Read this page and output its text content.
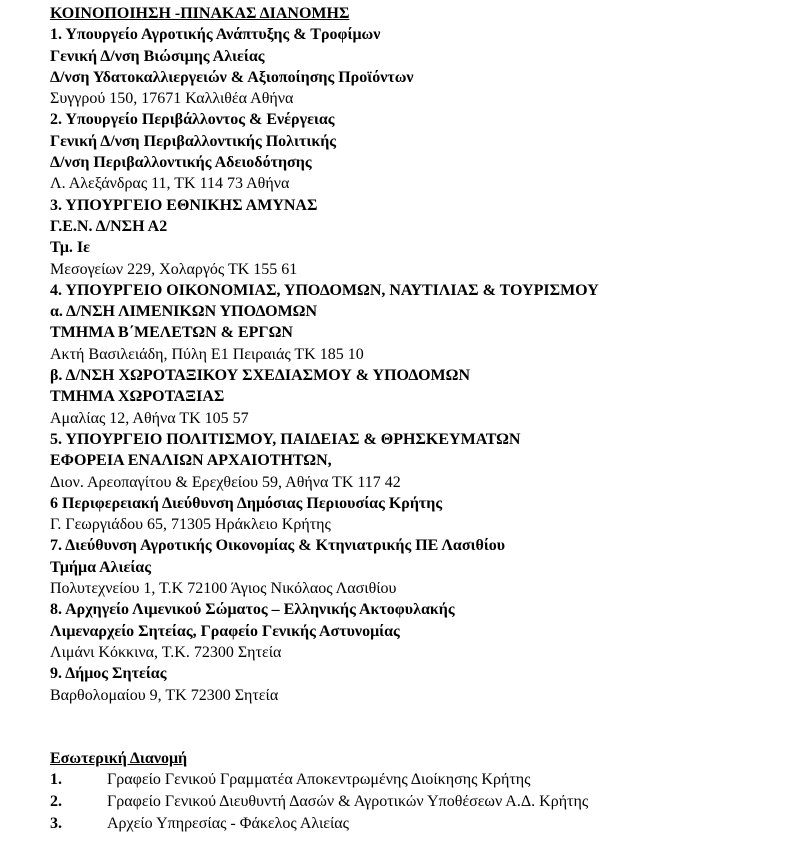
ΚΟΙΝΟΠΟΙΗΣΗ -ΠΙΝΑΚΑΣ ΔΙΑΝΟΜΗΣ
1. Υπουργείο Αγροτικής Ανάπτυξης & Τροφίμων
Γενική Δ/νση Βιώσιμης Αλιείας
Δ/νση Υδατοκαλλιεργειών & Αξιοποίησης Προϊόντων
Συγγρού 150, 17671 Καλλιθέα Αθήνα
2. Υπουργείο Περιβάλλοντος & Ενέργειας
Γενική Δ/νση Περιβαλλοντικής Πολιτικής
Δ/νση Περιβαλλοντικής Αδειοδότησης
Λ. Αλεξάνδρας 11, ΤΚ 114 73 Αθήνα
3. ΥΠΟΥΡΓΕΙΟ ΕΘΝΙΚΗΣ ΑΜΥΝΑΣ
Γ.Ε.Ν. Δ/ΝΣΗ Α2
Τμ. Ιε
Μεσογείων 229, Χολαργός ΤΚ 155 61
4. ΥΠΟΥΡΓΕΙΟ ΟΙΚΟΝΟΜΙΑΣ, ΥΠΟΔΟΜΩΝ, ΝΑΥΤΙΛΙΑΣ & ΤΟΥΡΙΣΜΟΥ
α. Δ/ΝΣΗ ΛΙΜΕΝΙΚΩΝ ΥΠΟΔΟΜΩΝ
ΤΜΗΜΑ Β΄ΜΕΛΕΤΩΝ & ΕΡΓΩΝ
Ακτή Βασιλειάδη, Πύλη Ε1 Πειραιάς ΤΚ 185 10
β. Δ/ΝΣΗ ΧΩΡΟΤΑΞΙΚΟΥ ΣΧΕΔΙΑΣΜΟΥ & ΥΠΟΔΟΜΩΝ
ΤΜΗΜΑ ΧΩΡΟΤΑΞΙΑΣ
Αμαλίας 12, Αθήνα ΤΚ 105 57
5. ΥΠΟΥΡΓΕΙΟ ΠΟΛΙΤΙΣΜΟΥ, ΠΑΙΔΕΙΑΣ & ΘΡΗΣΚΕΥΜΑΤΩΝ
ΕΦΟΡΕΙΑ ΕΝΑΛΙΩΝ ΑΡΧΑΙΟΤΗΤΩΝ,
Διον. Αρεοπαγίτου & Ερεχθείου 59, Αθήνα ΤΚ 117 42
6 Περιφερειακή Διεύθυνση Δημόσιας Περιουσίας Κρήτης
Γ. Γεωργιάδου 65, 71305 Ηράκλειο Κρήτης
7. Διεύθυνση Αγροτικής Οικονομίας & Κτηνιατρικής ΠΕ Λασιθίου
Τμήμα Αλιείας
Πολυτεχνείου 1, Τ.Κ 72100 Άγιος Νικόλαος Λασιθίου
8. Αρχηγείο Λιμενικού Σώματος – Ελληνικής Ακτοφυλακής
Λιμεναρχείο Σητείας, Γραφείο Γενικής Αστυνομίας
Λιμάνι Κόκκινα, Τ.Κ. 72300 Σητεία
9. Δήμος Σητείας
Βαρθολομαίου 9, ΤΚ 72300 Σητεία
Εσωτερική Διανομή
1.	Γραφείο Γενικού Γραμματέα Αποκεντρωμένης Διοίκησης Κρήτης
2.	Γραφείο Γενικού Διευθυντή Δασών & Αγροτικών Υποθέσεων Α.Δ. Κρήτης
3.	Αρχείο Υπηρεσίας - Φάκελος Αλιείας
